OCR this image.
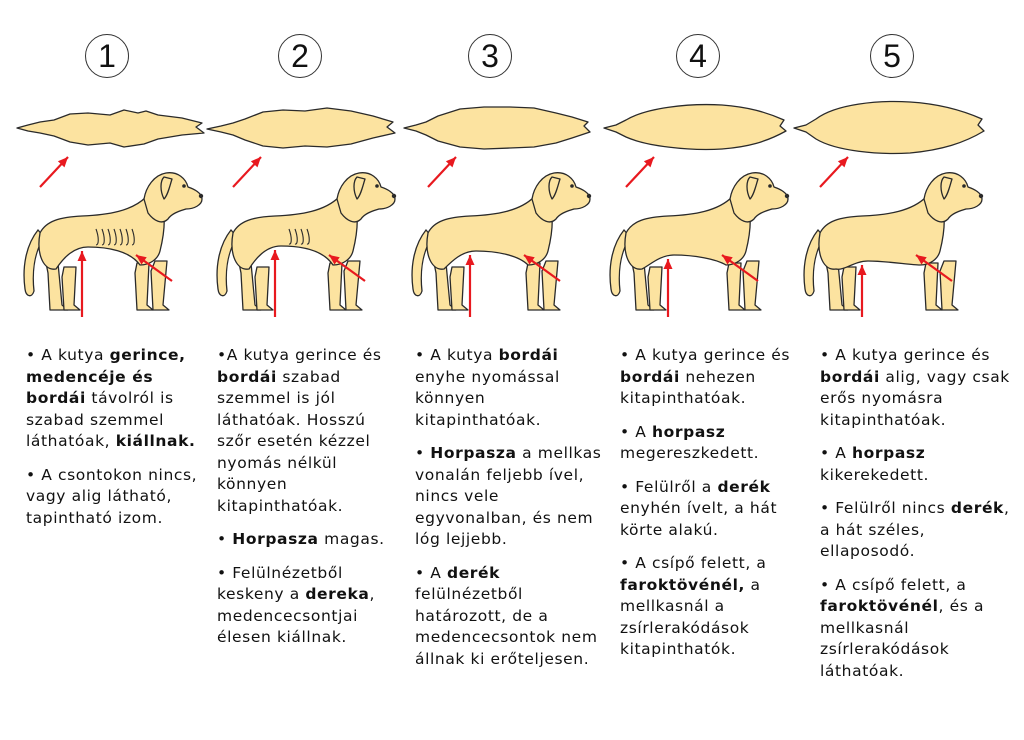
1

• A kutya gerince, medencéje és bordái távolról is szabad szemmel láthatóak, kiállnak.

• A csontokon nincs, vagy alig látható, tapintható izom.

2

•A kutya gerince és bordái szabad szemmel is jól láthatóak. Hosszú szőr esetén kézzel nyomás nélkül könnyen kitapinthatóak.

• Horpasza magas.

• Felülnézetből keskeny a dereka, medencecsontjai élesen kiállnak.

3

• A kutya bordái enyhe nyomással könnyen kitapinthatóak.

• Horpasza a mellkas vonalán feljebb ível, nincs vele egyvonalban, és nem lóg lejjebb.

• A derék felülnézetből határozott, de a medencecsontok nem állnak ki erőteljesen.

4

• A kutya gerince és bordái nehezen kitapinthatóak.

• A horpasz megereszkedett.

• Felülről a derék enyhén ívelt, a hát körte alakú.

• A csípő felett, a faroktövénél, a mellkasnál a zsírlerakódások kitapinthatók.

5

• A kutya gerince és bordái alig, vagy csak erős nyomásra kitapinthatóak.

• A horpasz kikerekedett.

• Felülről nincs derék, a hát széles, ellaposodó.

• A csípő felett, a faroktövénél, és a mellkasnál zsírlerakódások láthatóak.
